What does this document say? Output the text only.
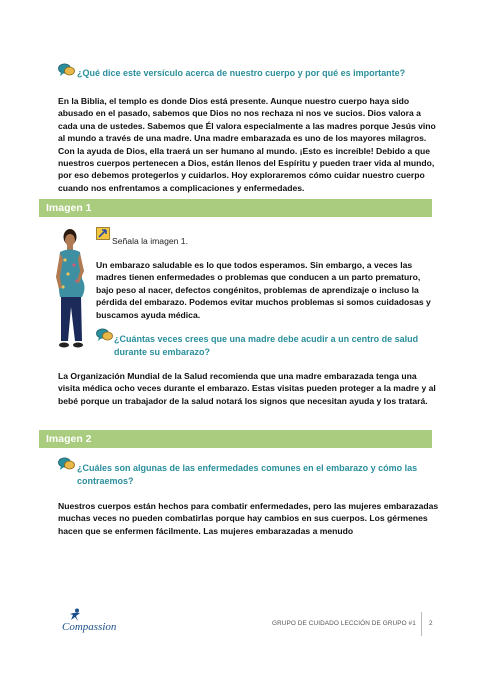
¿Qué dice este versículo acerca de nuestro cuerpo y por qué es importante?
En la Biblia, el templo es donde Dios está presente. Aunque nuestro cuerpo haya sido abusado en el pasado, sabemos que Dios no nos rechaza ni nos ve sucios. Dios valora a cada una de ustedes. Sabemos que Él valora especialmente a las madres porque Jesús vino al mundo a través de una madre. Una madre embarazada es uno de los mayores milagros. Con la ayuda de Dios, ella traerá un ser humano al mundo. ¡Esto es increíble! Debido a que nuestros cuerpos pertenecen a Dios, están llenos del Espíritu y pueden traer vida al mundo, por eso debemos protegerlos y cuidarlos. Hoy exploraremos cómo cuidar nuestro cuerpo cuando nos enfrentamos a complicaciones y enfermedades.
Imagen 1
Señala la imagen 1.
Un embarazo saludable es lo que todos esperamos. Sin embargo, a veces las madres tienen enfermedades o problemas que conducen a un parto prematuro, bajo peso al nacer, defectos congénitos, problemas de aprendizaje o incluso la pérdida del embarazo. Podemos evitar muchos problemas si somos cuidadosas y buscamos ayuda médica.
¿Cuántas veces crees que una madre debe acudir a un centro de salud durante su embarazo?
La Organización Mundial de la Salud recomienda que una madre embarazada tenga una visita médica ocho veces durante el embarazo. Estas visitas pueden proteger a la madre y al bebé porque un trabajador de la salud notará los signos que necesitan ayuda y los tratará.
Imagen 2
¿Cuáles son algunas de las enfermedades comunes en el embarazo y cómo las contraemos?
Nuestros cuerpos están hechos para combatir enfermedades, pero las mujeres embarazadas muchas veces no pueden combatirlas porque hay cambios en sus cuerpos. Los gérmenes hacen que se enfermen fácilmente. Las mujeres embarazadas a menudo
Compassion	GRUPO DE CUIDADO LECCIÓN DE GRUPO #1 2
